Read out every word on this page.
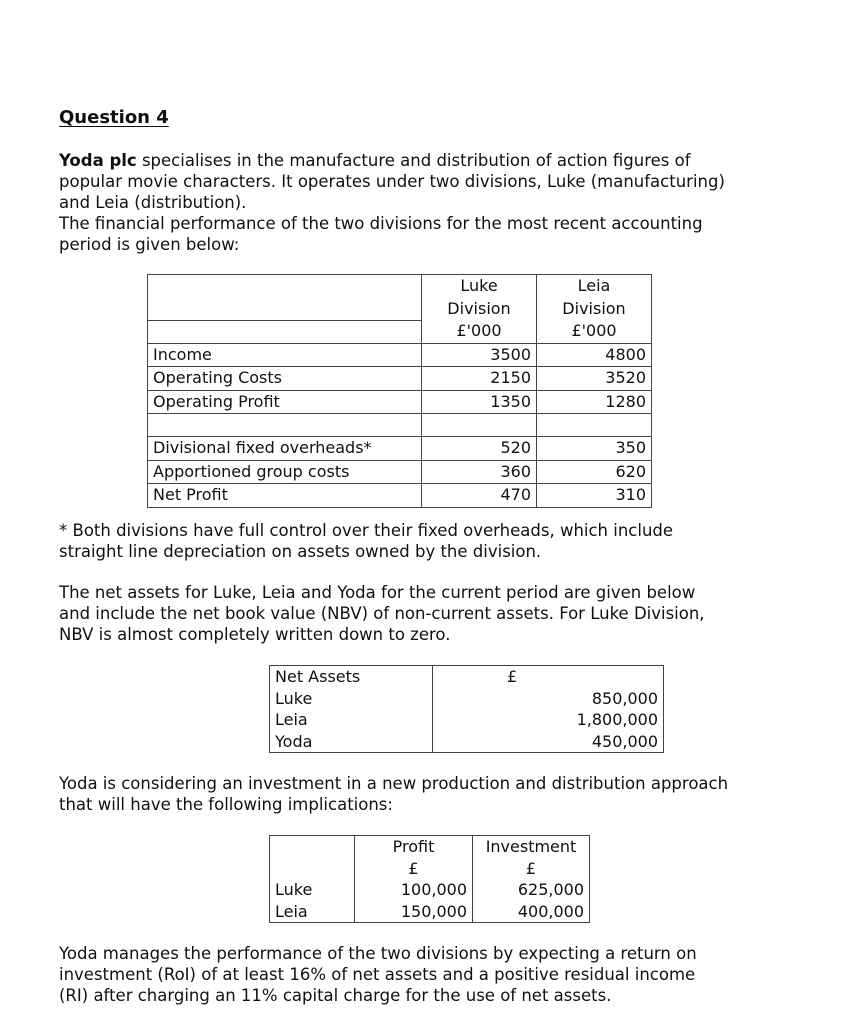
Question 4

Yoda plc specialises in the manufacture and distribution of action figures of
popular movie characters. It operates under two divisions, Luke (manufacturing)
and Leia (distribution).
The financial performance of the two divisions for the most recent accounting
period is given below:

	Luke	Leia
	Division	Division
	£'000	£'000
Income	3500	4800
Operating Costs	2150	3520
Operating Profit	1350	1280

Divisional fixed overheads*	520	350
Apportioned group costs	360	620
Net Profit	470	310

* Both divisions have full control over their fixed overheads, which include
straight line depreciation on assets owned by the division.

The net assets for Luke, Leia and Yoda for the current period are given below
and include the net book value (NBV) of non-current assets. For Luke Division,
NBV is almost completely written down to zero.

Net Assets	£
Luke	850,000
Leia	1,800,000
Yoda	450,000

Yoda is considering an investment in a new production and distribution approach
that will have the following implications:

	Profit	Investment
	£	£
Luke	100,000	625,000
Leia	150,000	400,000

Yoda manages the performance of the two divisions by expecting a return on
investment (RoI) of at least 16% of net assets and a positive residual income
(RI) after charging an 11% capital charge for the use of net assets.
